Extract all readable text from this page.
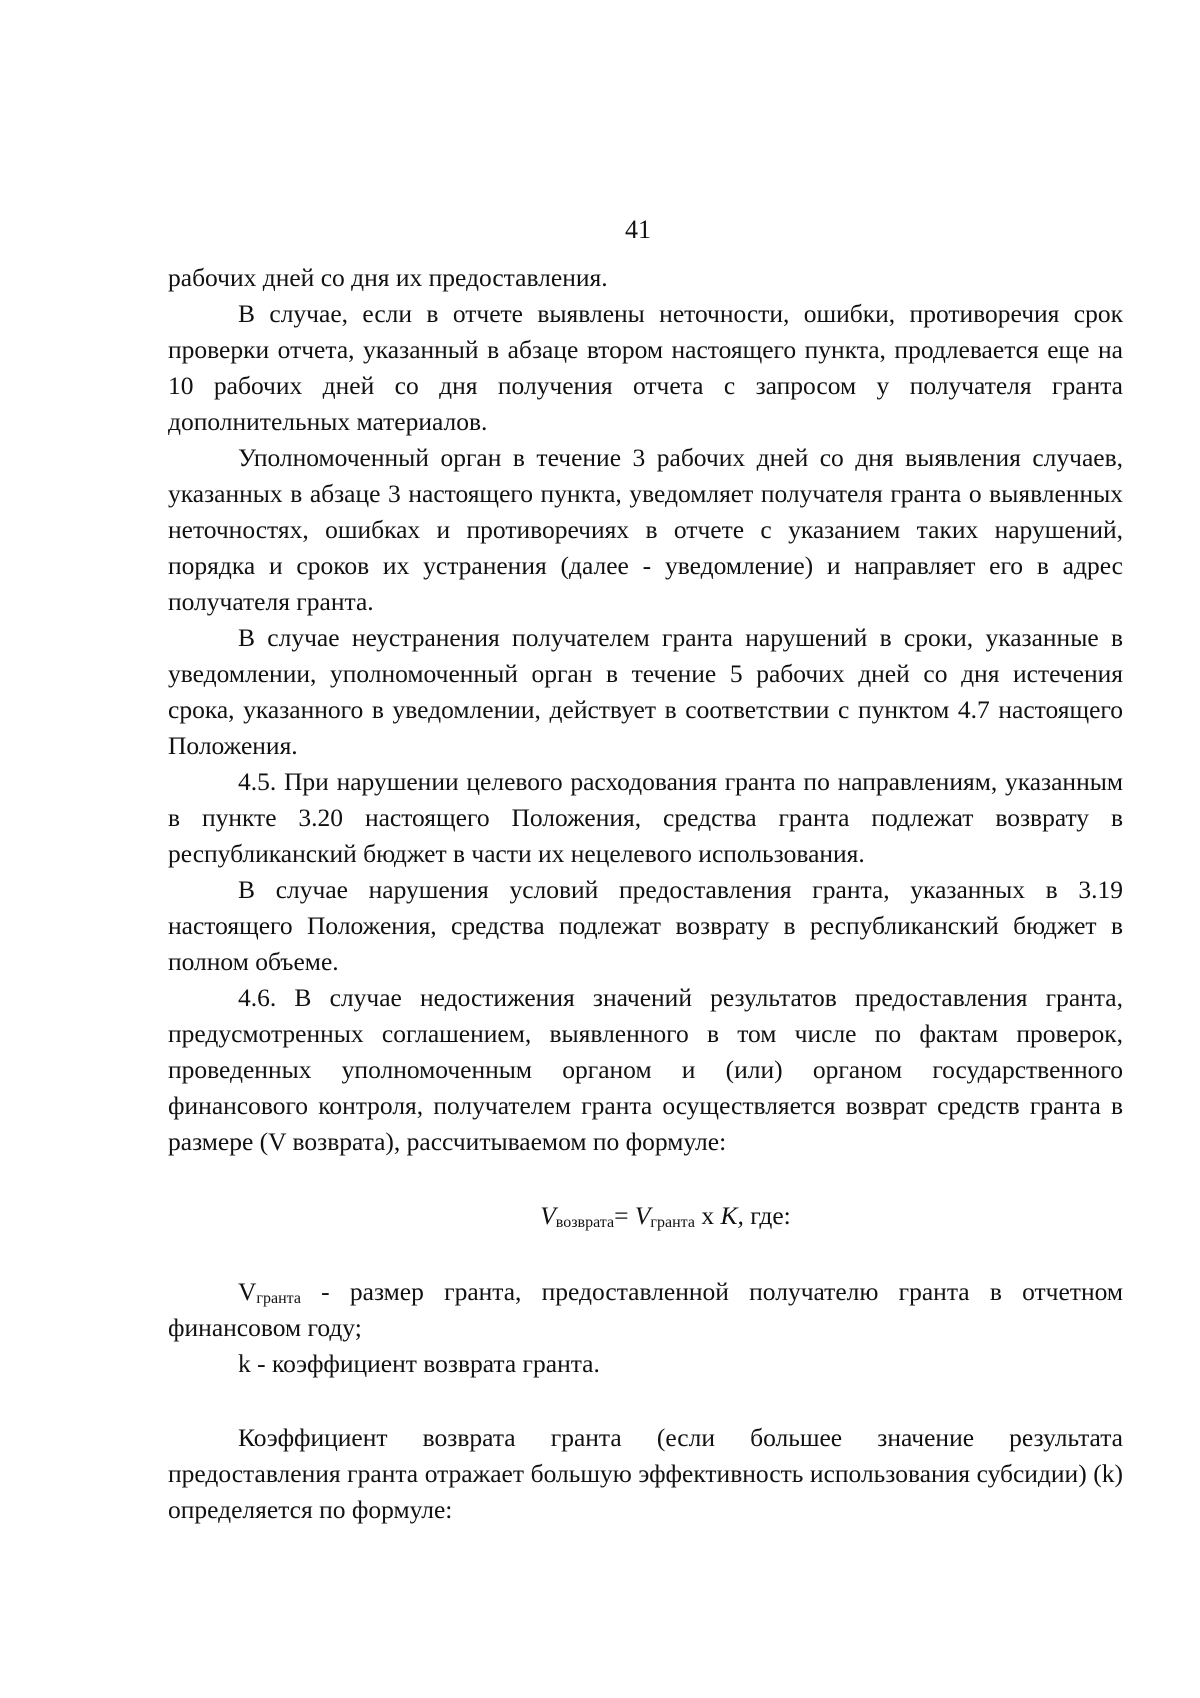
41

рабочих дней со дня их предоставления.

В случае, если в отчете выявлены неточности, ошибки, противоречия срок проверки отчета, указанный в абзаце втором настоящего пункта, продлевается еще на 10 рабочих дней со дня получения отчета с запросом у получателя гранта дополнительных материалов.

Уполномоченный орган в течение 3 рабочих дней со дня выявления случаев, указанных в абзаце 3 настоящего пункта, уведомляет получателя гранта о выявленных неточностях, ошибках и противоречиях в отчете с указанием таких нарушений, порядка и сроков их устранения (далее - уведомление) и направляет его в адрес получателя гранта.

В случае неустранения получателем гранта нарушений в сроки, указанные в уведомлении, уполномоченный орган в течение 5 рабочих дней со дня истечения срока, указанного в уведомлении, действует в соответствии с пунктом 4.7 настоящего Положения.

4.5. При нарушении целевого расходования гранта по направлениям, указанным в пункте 3.20 настоящего Положения, средства гранта подлежат возврату в республиканский бюджет в части их нецелевого использования.

В случае нарушения условий предоставления гранта, указанных в 3.19 настоящего Положения, средства подлежат возврату в республиканский бюджет в полном объеме.

4.6. В случае недостижения значений результатов предоставления гранта, предусмотренных соглашением, выявленного в том числе по фактам проверок, проведенных уполномоченным органом и (или) органом государственного финансового контроля, получателем гранта осуществляется возврат средств гранта в размере (V возврата), рассчитываемом по формуле:

$V_{возврата}= V_{гранта}$ х K, где:

$V_{гранта}$ - размер гранта, предоставленной получателю гранта в отчетном финансовом году;

k - коэффициент возврата гранта.

Коэффициент возврата гранта (если большее значение результата предоставления гранта отражает большую эффективность использования субсидии) (k) определяется по формуле:
